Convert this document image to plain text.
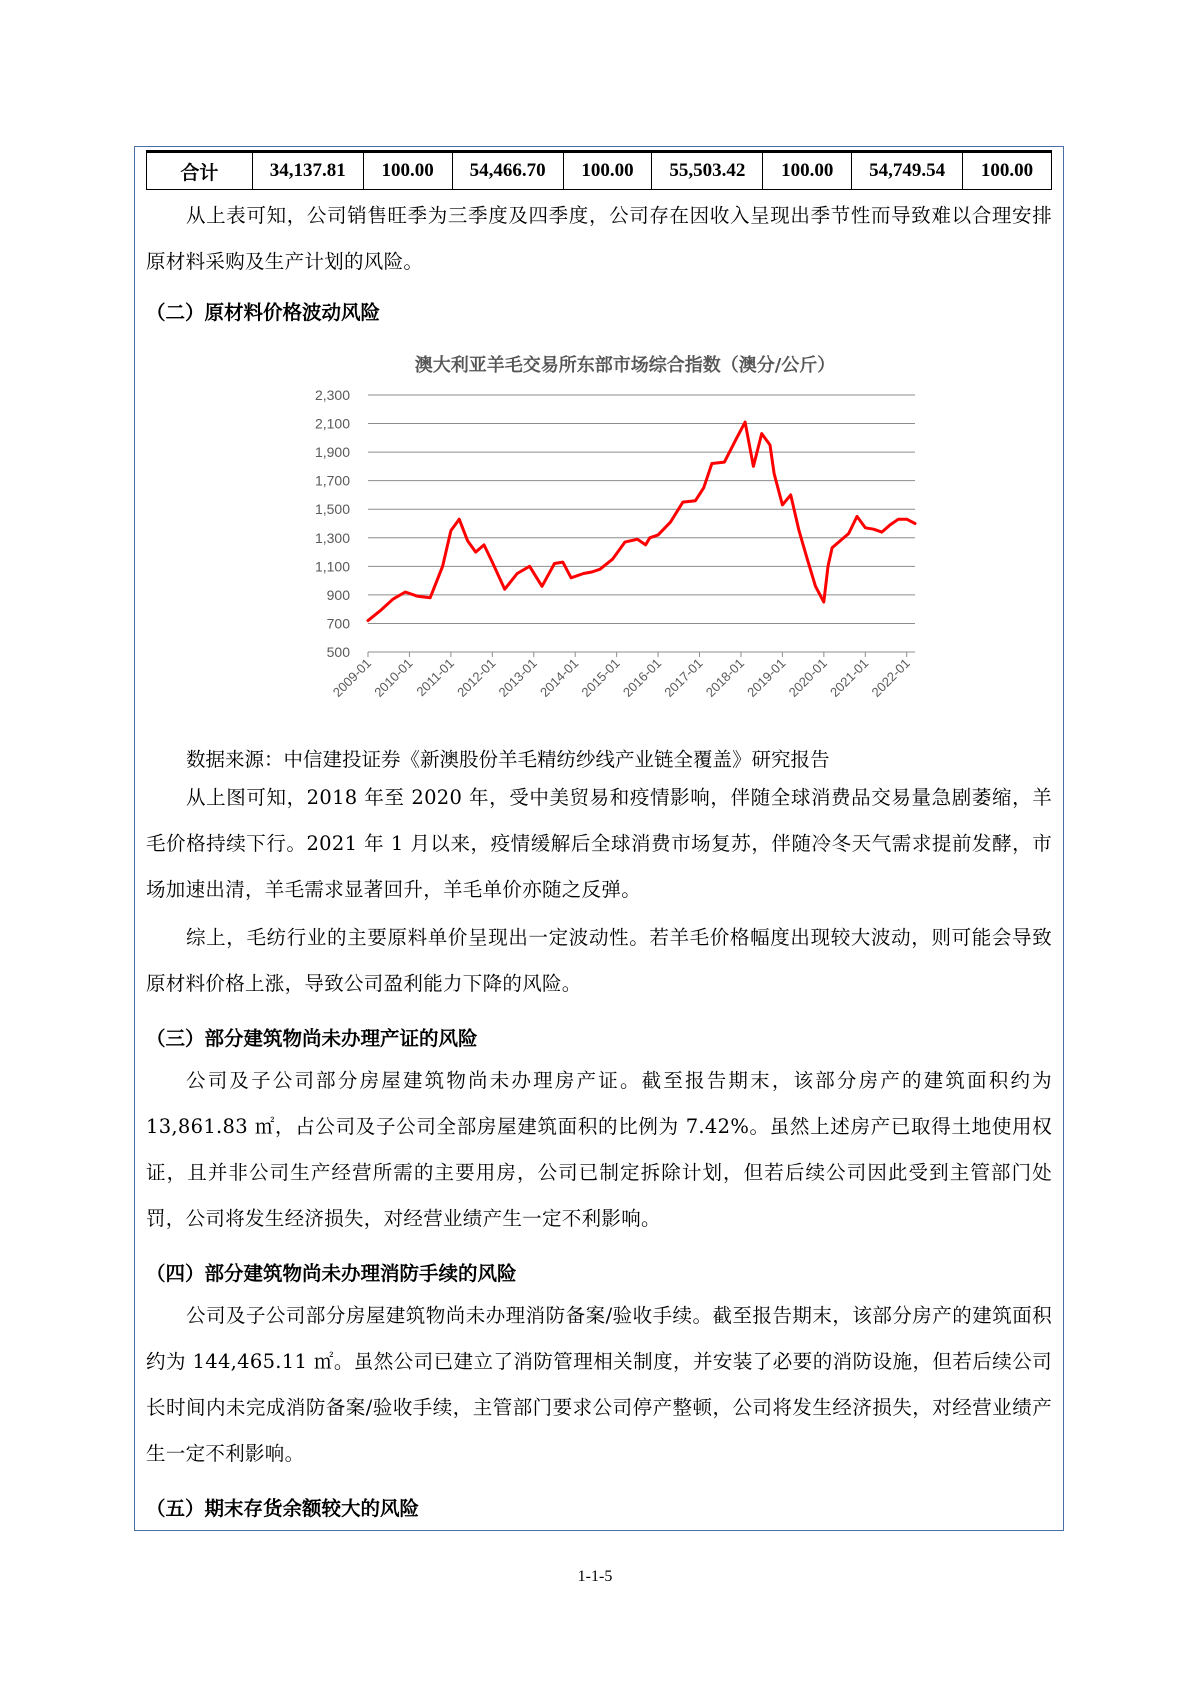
合计	34,137.81	100.00	54,466.70	100.00	55,503.42	100.00	54,749.54	100.00

从上表可知，公司销售旺季为三季度及四季度，公司存在因收入呈现出季节性而导致难以合理安排原材料采购及生产计划的风险。

（二）原材料价格波动风险

澳大利亚羊毛交易所东部市场综合指数（澳分/公斤）
2,300
2,100
1,900
1,700
1,500
1,300
1,100
900
700
500
2009-01
2010-01
2011-01
2012-01
2013-01
2014-01
2015-01
2016-01
2017-01
2018-01
2019-01
2020-01
2021-01
2022-01

数据来源：中信建投证券《新澳股份羊毛精纺纱线产业链全覆盖》研究报告

从上图可知，2018 年至 2020 年，受中美贸易和疫情影响，伴随全球消费品交易量急剧萎缩，羊毛价格持续下行。2021 年 1 月以来，疫情缓解后全球消费市场复苏，伴随冷冬天气需求提前发酵，市场加速出清，羊毛需求显著回升，羊毛单价亦随之反弹。

综上，毛纺行业的主要原料单价呈现出一定波动性。若羊毛价格幅度出现较大波动，则可能会导致原材料价格上涨，导致公司盈利能力下降的风险。

（三）部分建筑物尚未办理产证的风险

公司及子公司部分房屋建筑物尚未办理房产证。截至报告期末，该部分房产的建筑面积约为 13,861.83 ㎡，占公司及子公司全部房屋建筑面积的比例为 7.42%。虽然上述房产已取得土地使用权证，且并非公司生产经营所需的主要用房，公司已制定拆除计划，但若后续公司因此受到主管部门处罚，公司将发生经济损失，对经营业绩产生一定不利影响。

（四）部分建筑物尚未办理消防手续的风险

公司及子公司部分房屋建筑物尚未办理消防备案/验收手续。截至报告期末，该部分房产的建筑面积约为 144,465.11 ㎡。虽然公司已建立了消防管理相关制度，并安装了必要的消防设施，但若后续公司长时间内未完成消防备案/验收手续，主管部门要求公司停产整顿，公司将发生经济损失，对经营业绩产生一定不利影响。

（五）期末存货余额较大的风险

1-1-5
